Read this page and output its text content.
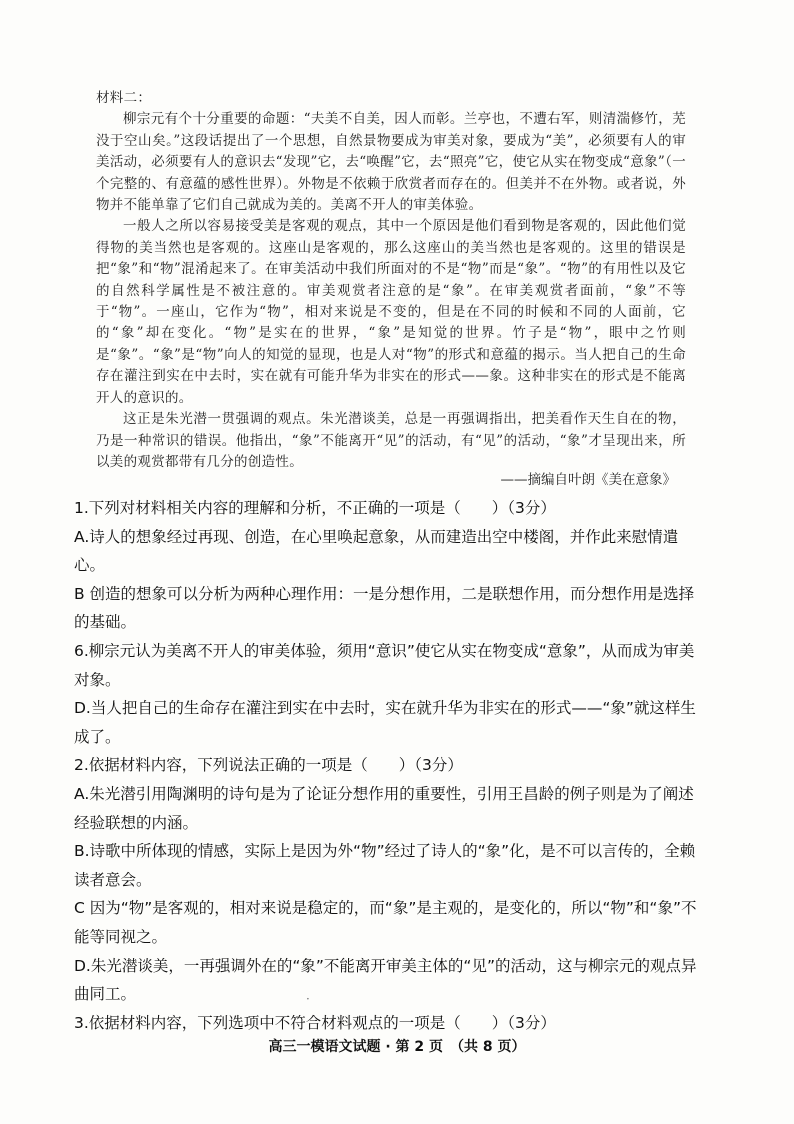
材料二：

柳宗元有个十分重要的命题：“夫美不自美，因人而彰。兰亭也，不遭右军，则清湍修竹，芜没于空山矣。”这段话提出了一个思想，自然景物要成为审美对象，要成为“美”，必须要有人的审美活动，必须要有人的意识去“发现”它，去“唤醒”它，去“照亮”它，使它从实在物变成“意象”（一个完整的、有意蕴的感性世界）。外物是不依赖于欣赏者而存在的。但美并不在外物。或者说，外物并不能单靠了它们自己就成为美的。美离不开人的审美体验。

一般人之所以容易接受美是客观的观点，其中一个原因是他们看到物是客观的，因此他们觉得物的美当然也是客观的。这座山是客观的，那么这座山的美当然也是客观的。这里的错误是把“象”和“物”混淆起来了。在审美活动中我们所面对的不是“物”而是“象”。“物”的有用性以及它的自然科学属性是不被注意的。审美观赏者注意的是“象”。在审美观赏者面前，“象”不等于“物”。一座山，它作为“物”，相对来说是不变的，但是在不同的时候和不同的人面前，它的“象”却在变化。“物”是实在的世界，“象”是知觉的世界。竹子是“物”，眼中之竹则是“象”。“象”是“物”向人的知觉的显现，也是人对“物”的形式和意蕴的揭示。当人把自己的生命存在灌注到实在中去时，实在就有可能升华为非实在的形式——象。这种非实在的形式是不能离开人的意识的。

这正是朱光潜一贯强调的观点。朱光潜谈美，总是一再强调指出，把美看作天生自在的物，乃是一种常识的错误。他指出，“象”不能离开“见”的活动，有“见”的活动，“象”才呈现出来，所以美的观赏都带有几分的创造性。

——摘编自叶朗《美在意象》
1.下列对材料相关内容的理解和分析，不正确的一项是（　　）（3分）
A.诗人的想象经过再现、创造，在心里唤起意象，从而建造出空中楼阁，并作此来慰情遣心。
B 创造的想象可以分析为两种心理作用：一是分想作用，二是联想作用，而分想作用是选择的基础。
6.柳宗元认为美离不开人的审美体验，须用“意识”使它从实在物变成“意象”，从而成为审美对象。
D.当人把自己的生命存在灌注到实在中去时，实在就升华为非实在的形式——“象”就这样生成了。
2.依据材料内容，下列说法正确的一项是（　　）（3分）
A.朱光潜引用陶渊明的诗句是为了论证分想作用的重要性，引用王昌龄的例子则是为了阐述经验联想的内涵。
B.诗歌中所体现的情感，实际上是因为外“物”经过了诗人的“象”化，是不可以言传的，全赖读者意会。
C 因为“物”是客观的，相对来说是稳定的，而“象”是主观的，是变化的，所以“物”和“象”不能等同视之。
D.朱光潜谈美，一再强调外在的“象”不能离开审美主体的“见”的活动，这与柳宗元的观点异曲同工。
3.依据材料内容，下列选项中不符合材料观点的一项是（　　）（3分）
·
高三一模语文试题 · 第 2 页　（共 8 页）
